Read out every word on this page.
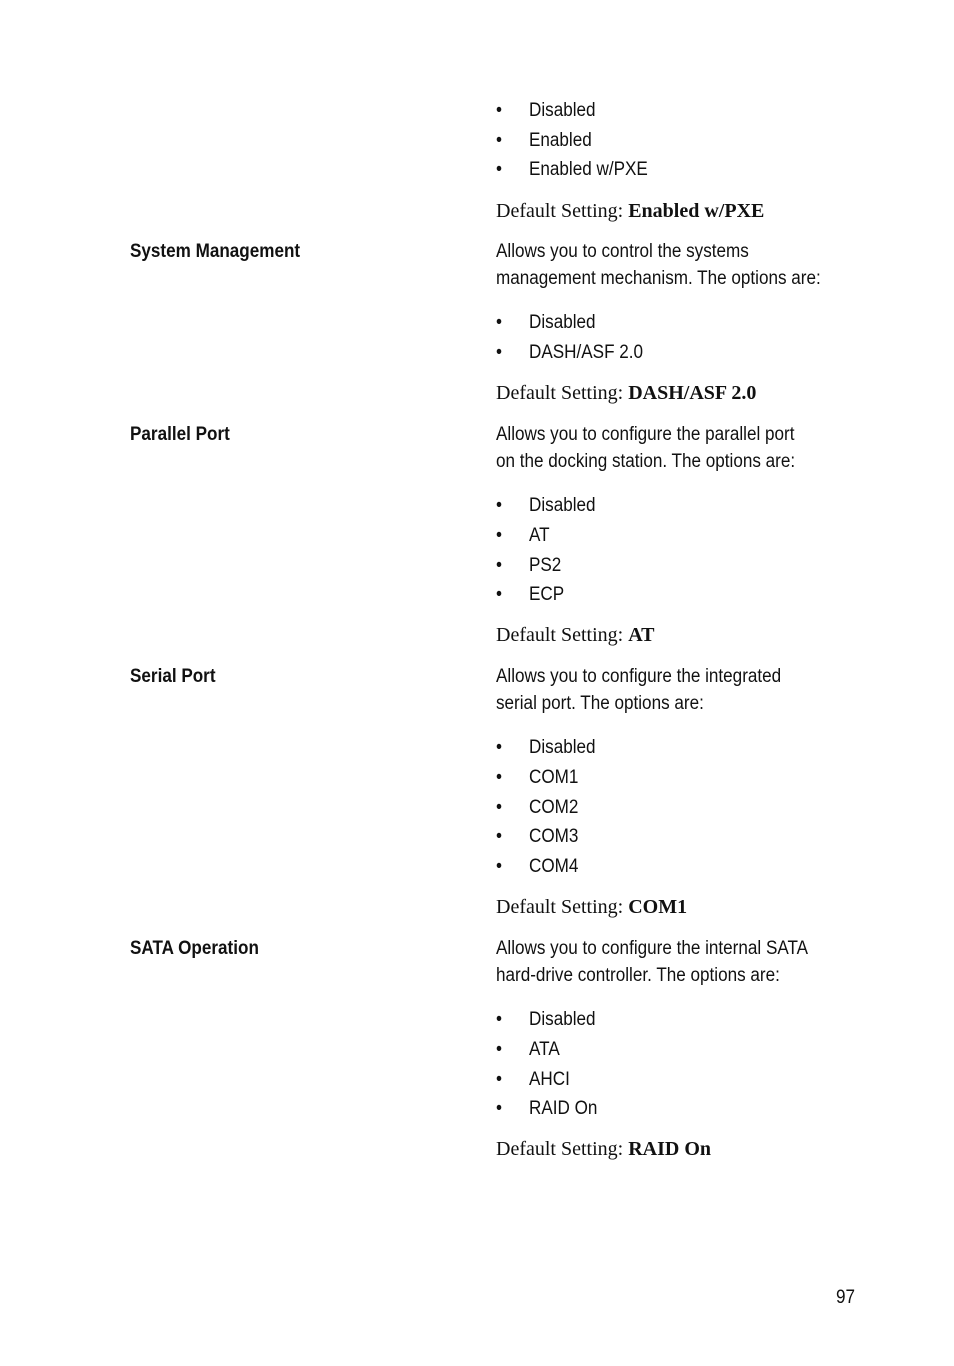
• Disabled
• Enabled
• Enabled w/PXE
Default Setting: Enabled w/PXE
System Management	Allows you to control the systems
management mechanism. The options are:
• Disabled
• DASH/ASF 2.0
Default Setting: DASH/ASF 2.0
Parallel Port	Allows you to configure the parallel port
on the docking station. The options are:
• Disabled
• AT
• PS2
• ECP
Default Setting: AT
Serial Port	Allows you to configure the integrated
serial port. The options are:
• Disabled
• COM1
• COM2
• COM3
• COM4
Default Setting: COM1
SATA Operation	Allows you to configure the internal SATA
hard-drive controller. The options are:
• Disabled
• ATA
• AHCI
• RAID On
Default Setting: RAID On
97
